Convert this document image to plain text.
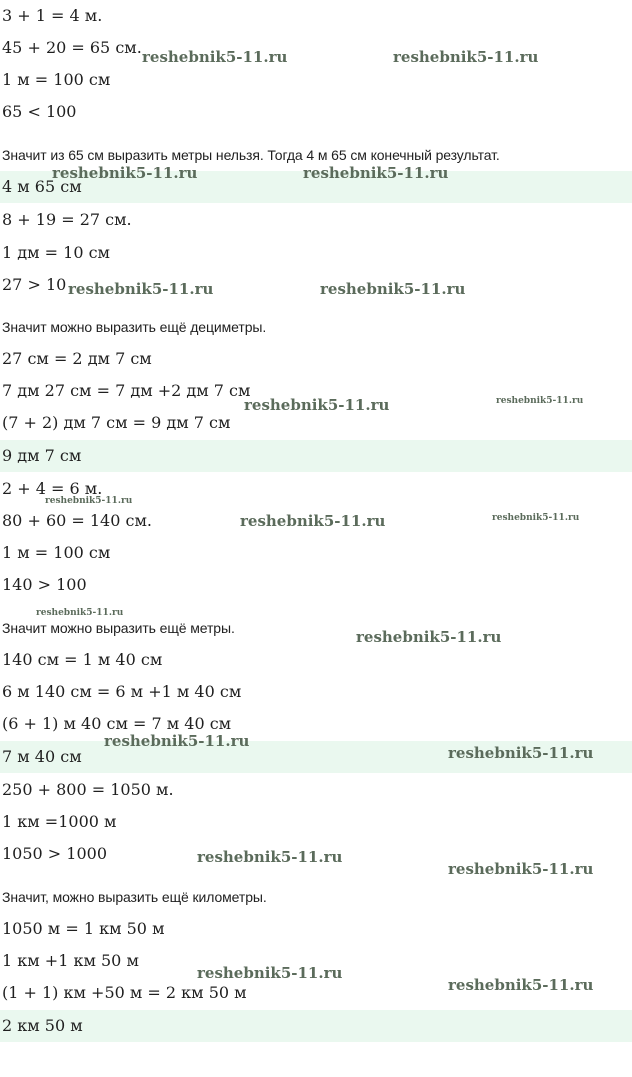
3 + 1 = 4 м.
45 + 20 = 65 см.
1 м = 100 см
65 < 100
Значит из 65 см выразить метры нельзя. Тогда 4 м 65 см конечный результат.
4 м 65 см
8 + 19 = 27 см.
1 дм = 10 см
27 > 10
Значит можно выразить ещё дециметры.
27 см = 2 дм 7 см
7 дм 27 см = 7 дм +2 дм 7 см
(7 + 2) дм 7 см = 9 дм 7 см
9 дм 7 см
2 + 4 = 6 м.
80 + 60 = 140 см.
1 м = 100 см
140 > 100
Значит можно выразить ещё метры.
140 см = 1 м 40 см
6 м 140 см = 6 м +1 м 40 см
(6 + 1) м 40 см = 7 м 40 см
7 м 40 см
250 + 800 = 1050 м.
1 км =1000 м
1050 > 1000
Значит, можно выразить ещё километры.
1050 м = 1 км 50 м
1 км +1 км 50 м
(1 + 1) км +50 м = 2 км 50 м
2 км 50 м
reshebnik5-11.ru	reshebnik5-11.ru
reshebnik5-11.ru	reshebnik5-11.ru
reshebnik5-11.ru	reshebnik5-11.ru
reshebnik5-11.ru	reshebnik5-11.ru
reshebnik5-11.ru
reshebnik5-11.ru	reshebnik5-11.ru
reshebnik5-11.ru
reshebnik5-11.ru
reshebnik5-11.ru
reshebnik5-11.ru
reshebnik5-11.ru
reshebnik5-11.ru
reshebnik5-11.ru
reshebnik5-11.ru
